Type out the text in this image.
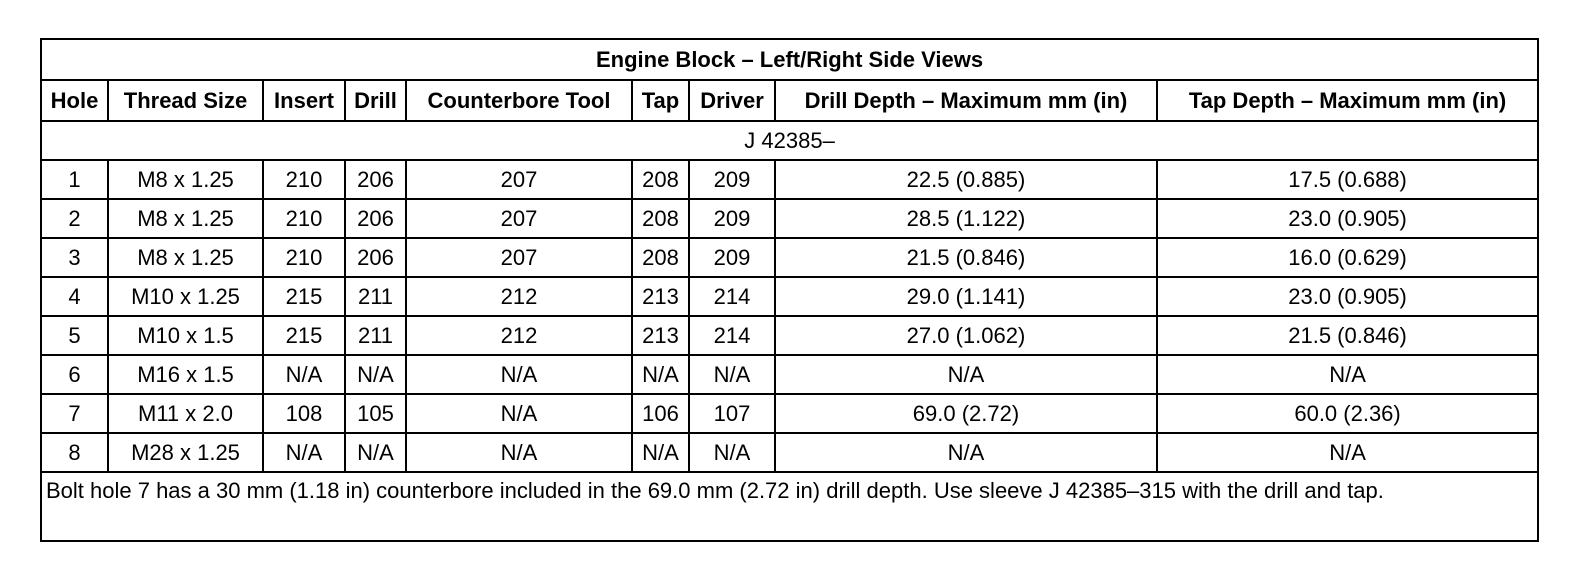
Engine Block – Left/Right Side Views								
Hole	Thread Size	Insert	Drill	Counterbore Tool	Tap	Driver	Drill Depth – Maximum mm (in)	Tap Depth – Maximum mm (in)
J 42385–								
1	M8 x 1.25	210	206	207	208	209	22.5 (0.885)	17.5 (0.688)
2	M8 x 1.25	210	206	207	208	209	28.5 (1.122)	23.0 (0.905)
3	M8 x 1.25	210	206	207	208	209	21.5 (0.846)	16.0 (0.629)
4	M10 x 1.25	215	211	212	213	214	29.0 (1.141)	23.0 (0.905)
5	M10 x 1.5	215	211	212	213	214	27.0 (1.062)	21.5 (0.846)
6	M16 x 1.5	N/A	N/A	N/A	N/A	N/A	N/A	N/A
7	M11 x 2.0	108	105	N/A	106	107	69.0 (2.72)	60.0 (2.36)
8	M28 x 1.25	N/A	N/A	N/A	N/A	N/A	N/A	N/A
Bolt hole 7 has a 30 mm (1.18 in) counterbore included in the 69.0 mm (2.72 in) drill depth. Use sleeve J 42385–315 with the drill and tap.								
